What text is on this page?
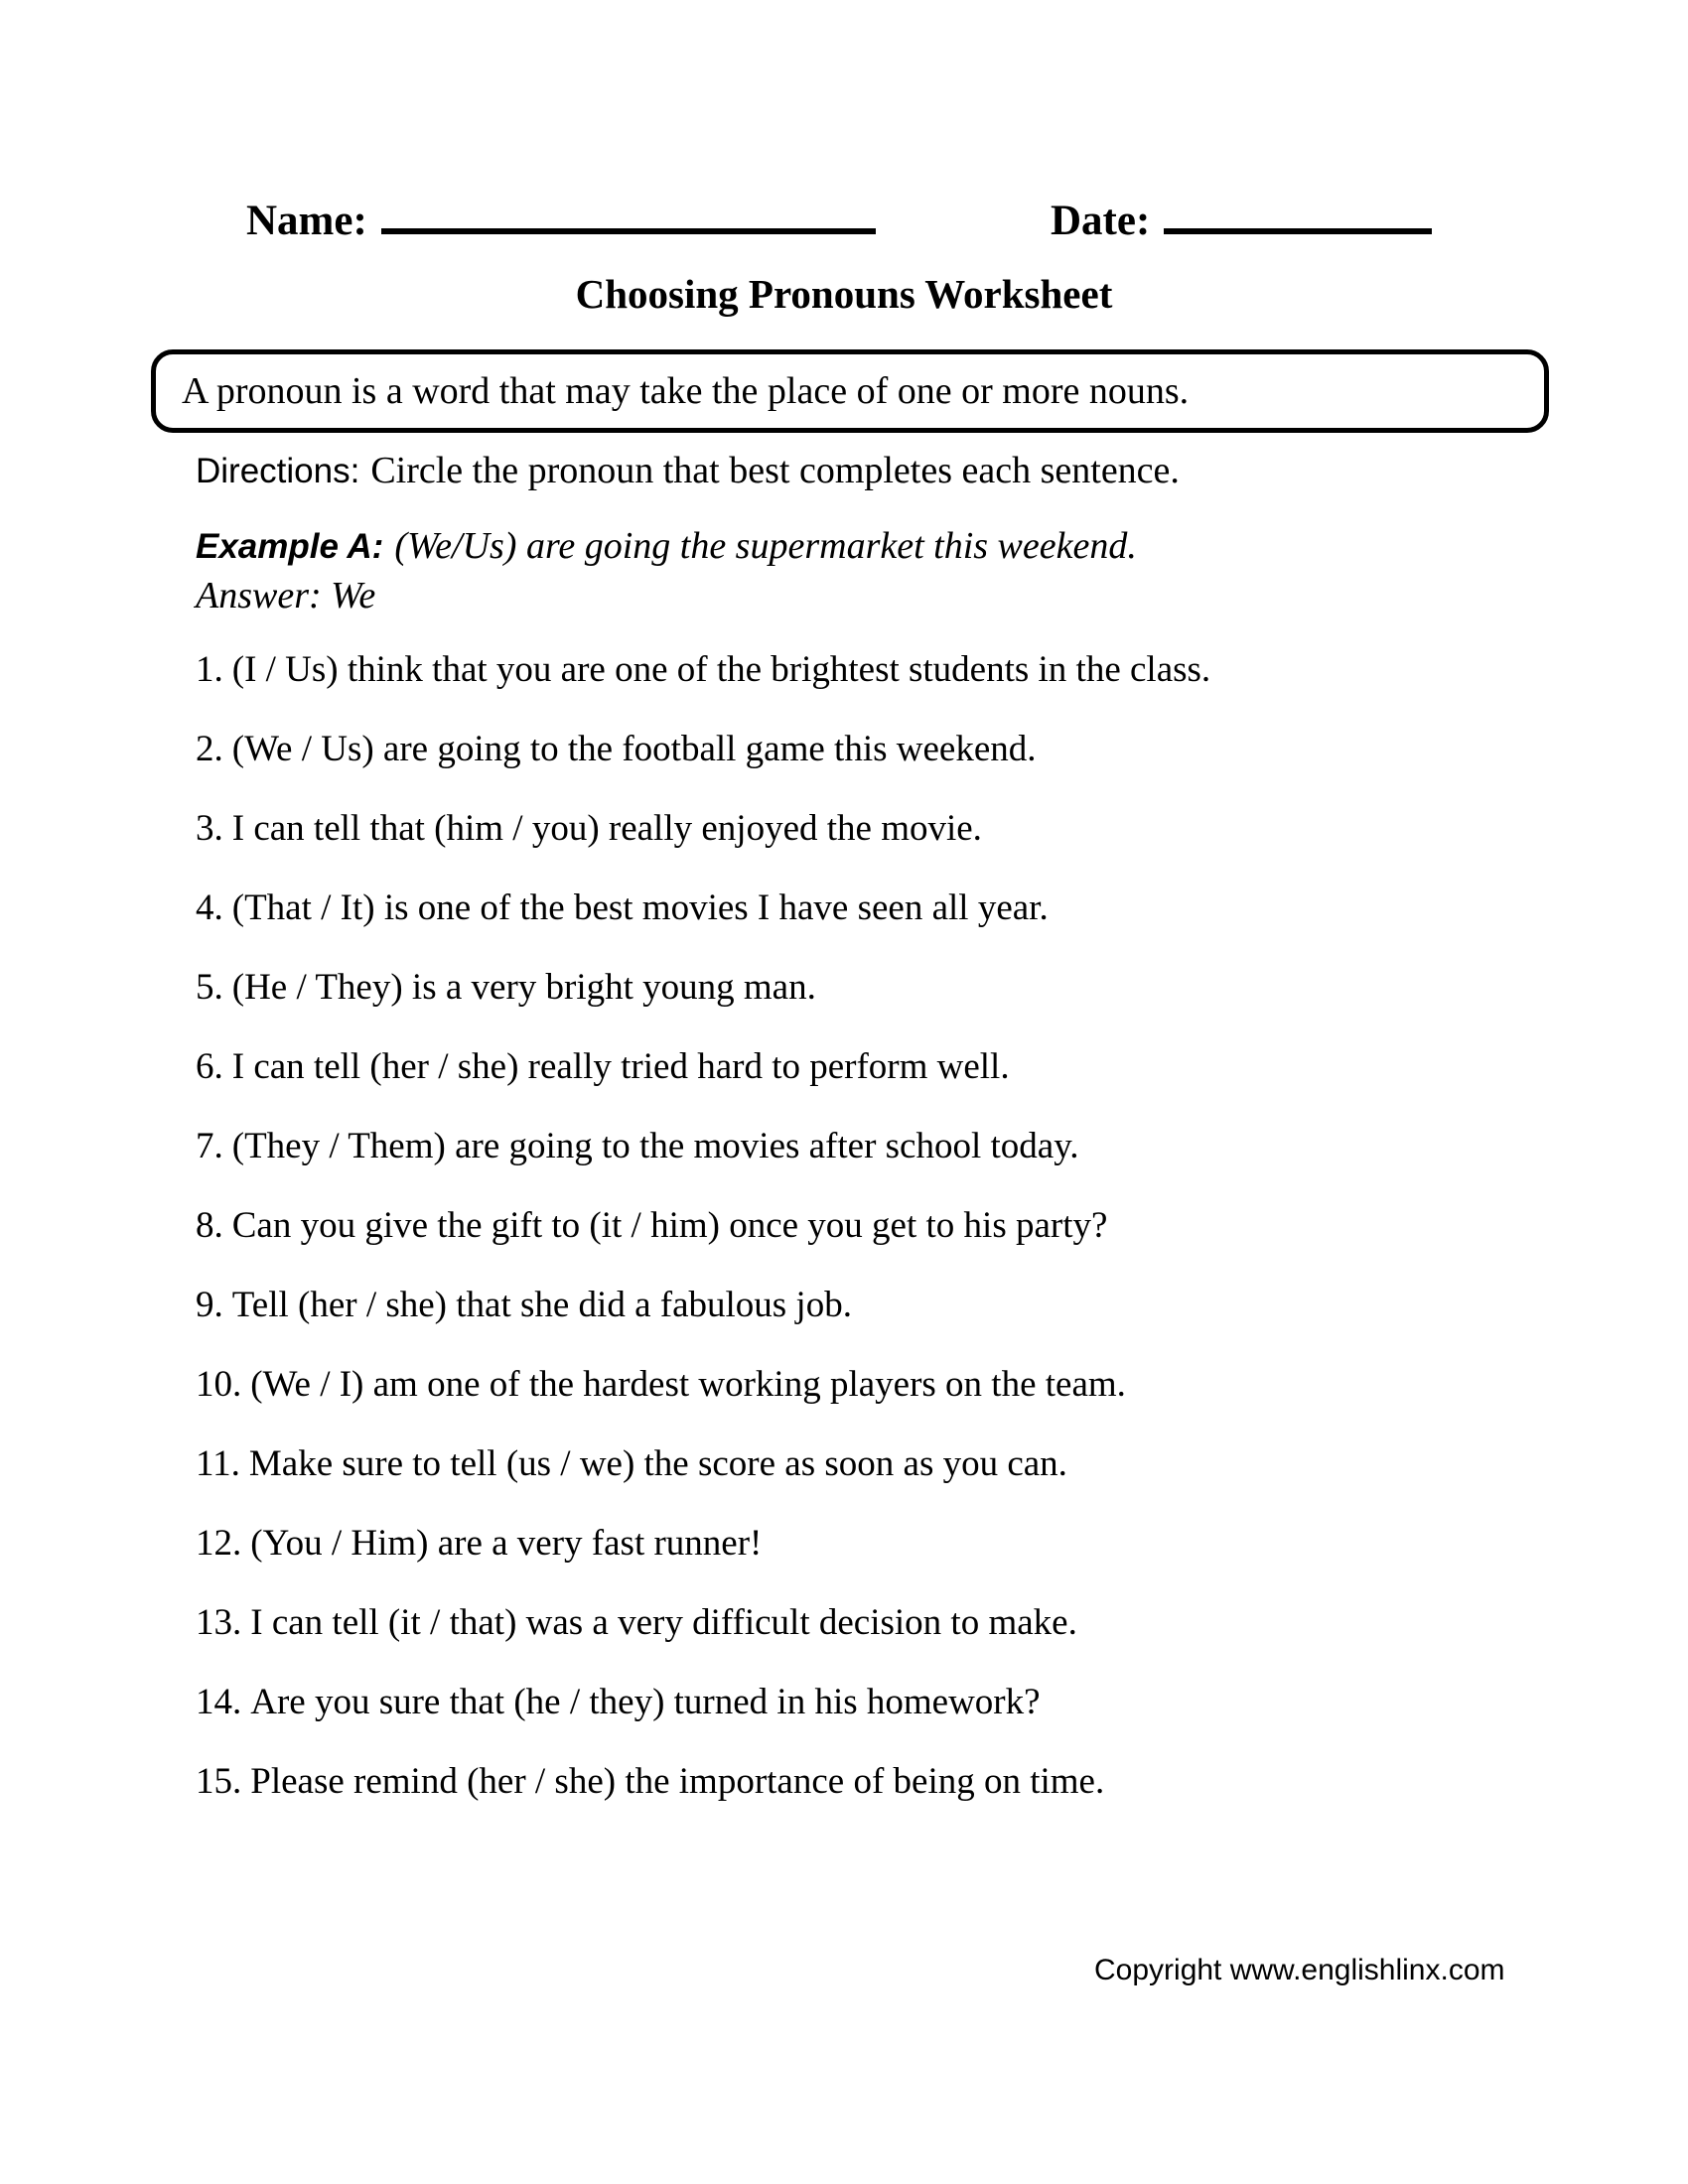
Name:	Date:
Choosing Pronouns Worksheet
A pronoun is a word that may take the place of one or more nouns.

Directions: Circle the pronoun that best completes each sentence.

Example A: (We/Us) are going the supermarket this weekend.

Answer: We

1. (I / Us) think that you are one of the brightest students in the class.
2. (We / Us) are going to the football game this weekend.
3. I can tell that (him / you) really enjoyed the movie.
4. (That / It) is one of the best movies I have seen all year.
5. (He / They) is a very bright young man.
6. I can tell (her / she) really tried hard to perform well.
7. (They / Them) are going to the movies after school today.
8. Can you give the gift to (it / him) once you get to his party?
9. Tell (her / she) that she did a fabulous job.
10. (We / I) am one of the hardest working players on the team.
11. Make sure to tell (us / we) the score as soon as you can.
12. (You / Him) are a very fast runner!
13. I can tell (it / that) was a very difficult decision to make.
14. Are you sure that (he / they) turned in his homework?
15. Please remind (her / she) the importance of being on time.
Copyright www.englishlinx.com
